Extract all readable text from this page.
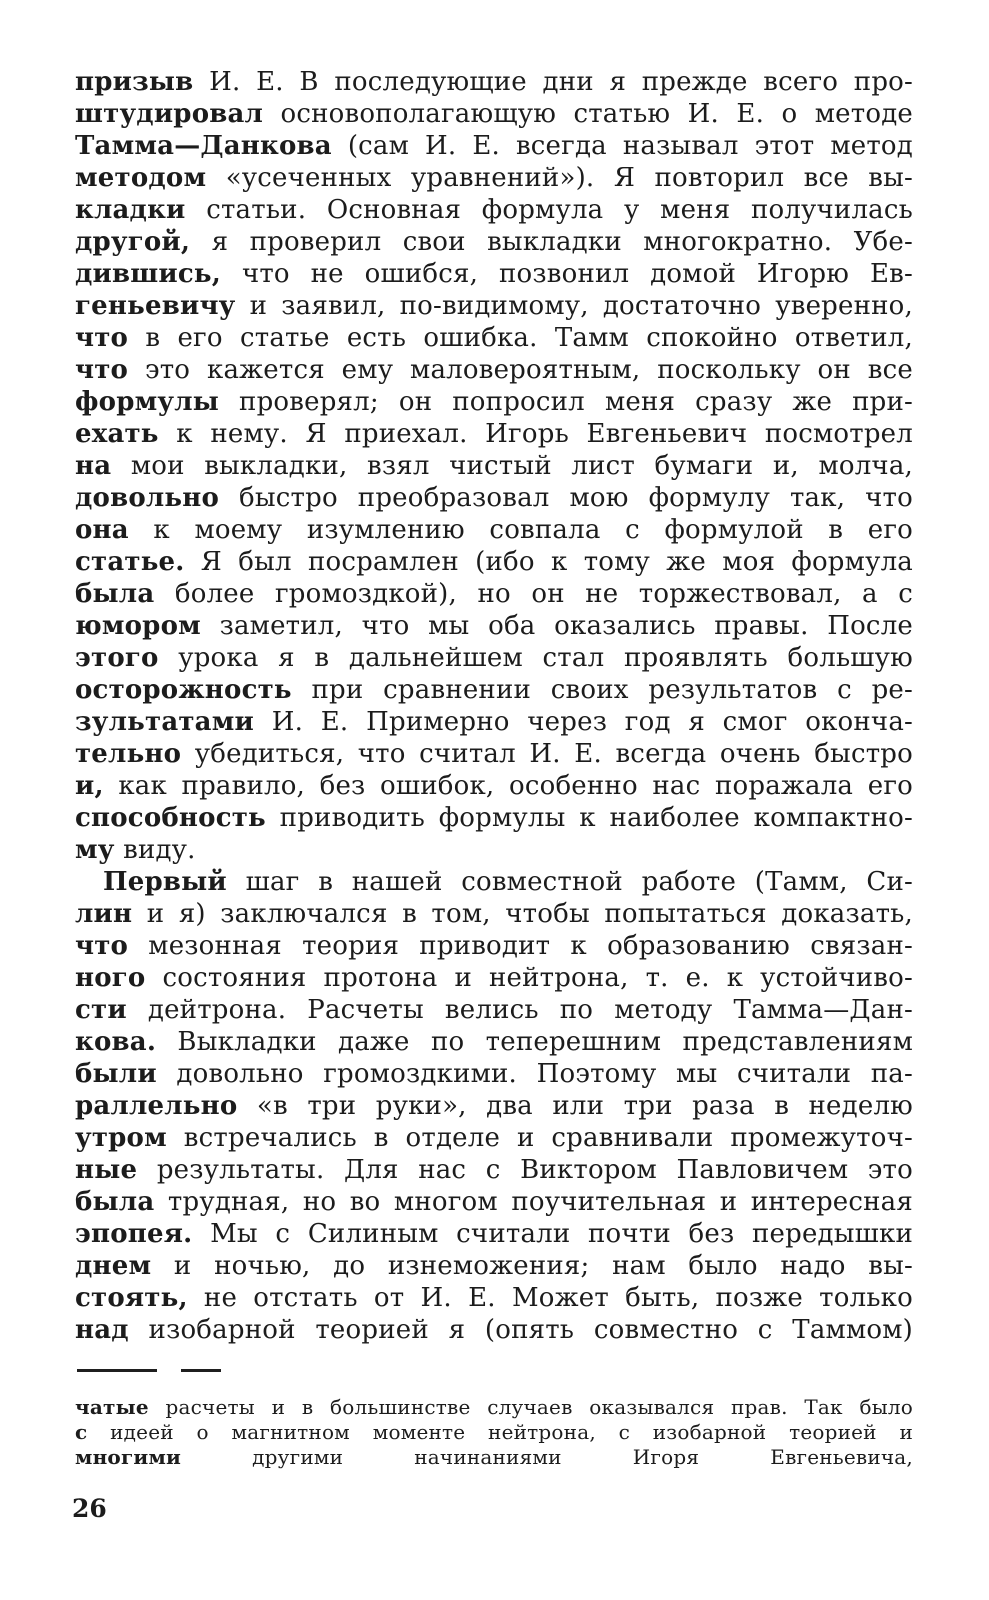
призыв И. Е. В последующие дни я прежде всего про-
штудировал основополагающую статью И. Е. о методе
Тамма—Данкова (сам И. Е. всегда называл этот метод
методом «усеченных уравнений»). Я повторил все вы-
кладки статьи. Основная формула у меня получилась
другой, я проверил свои выкладки многократно. Убе-
дившись, что не ошибся, позвонил домой Игорю Ев-
геньевичу и заявил, по-видимому, достаточно уверенно,
что в его статье есть ошибка. Тамм спокойно ответил,
что это кажется ему маловероятным, поскольку он все
формулы проверял; он попросил меня сразу же при-
ехать к нему. Я приехал. Игорь Евгеньевич посмотрел
на мои выкладки, взял чистый лист бумаги и, молча,
довольно быстро преобразовал мою формулу так, что
она к моему изумлению совпала с формулой в его
статье. Я был посрамлен (ибо к тому же моя формула
была более громоздкой), но он не торжествовал, а с
юмором заметил, что мы оба оказались правы. После
этого урока я в дальнейшем стал проявлять большую
осторожность при сравнении своих результатов с ре-
зультатами И. Е. Примерно через год я смог оконча-
тельно убедиться, что считал И. Е. всегда очень быстро
и, как правило, без ошибок, особенно нас поражала его
способность приводить формулы к наиболее компактно-
му виду.
Первый шаг в нашей совместной работе (Тамм, Си-
лин и я) заключался в том, чтобы попытаться доказать,
что мезонная теория приводит к образованию связан-
ного состояния протона и нейтрона, т. е. к устойчиво-
сти дейтрона. Расчеты велись по методу Тамма—Дан-
кова. Выкладки даже по теперешним представлениям
были довольно громоздкими. Поэтому мы считали па-
раллельно «в три руки», два или три раза в неделю
утром встречались в отделе и сравнивали промежуточ-
ные результаты. Для нас с Виктором Павловичем это
была трудная, но во многом поучительная и интересная
эпопея. Мы с Силиным считали почти без передышки
днем и ночью, до изнеможения; нам было надо вы-
стоять, не отстать от И. Е. Может быть, позже только
над изобарной теорией я (опять совместно с Таммом)
чатые расчеты и в большинстве случаев оказывался прав. Так было
с идеей о магнитном моменте нейтрона, с изобарной теорией и
многими другими начинаниями Игоря Евгеньевича,
26
